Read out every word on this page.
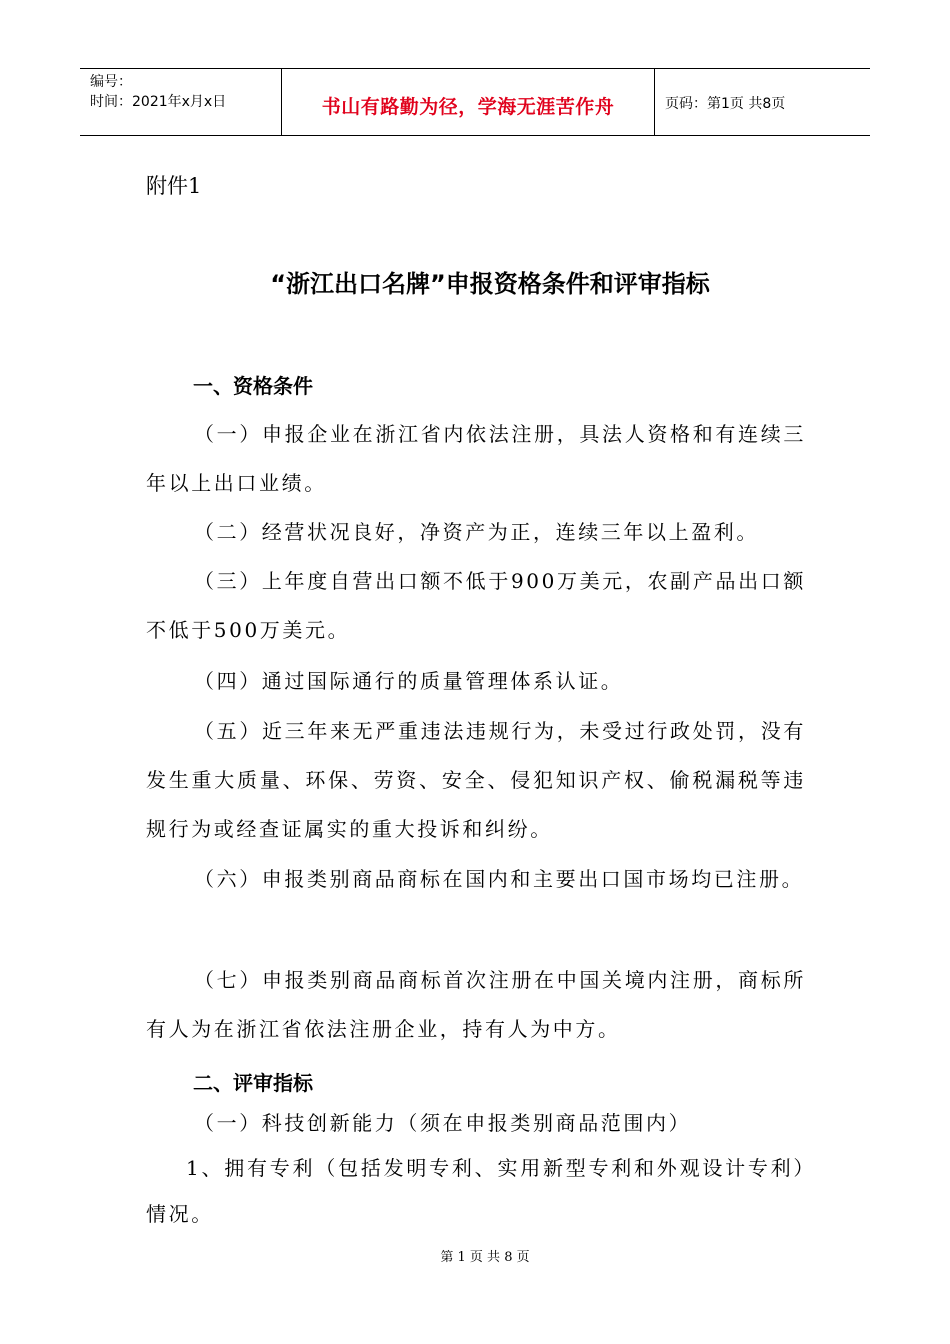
编号：
时间：2021年x月x日	书山有路勤为径，学海无涯苦作舟	页码：第1页 共8页
附件1
“浙江出口名牌”申报资格条件和评审指标
一、资格条件
（一）申报企业在浙江省内依法注册，具法人资格和有连续三年以上出口业绩。
（二）经营状况良好，净资产为正，连续三年以上盈利。
（三）上年度自营出口额不低于900万美元，农副产品出口额不低于500万美元。
（四）通过国际通行的质量管理体系认证。
（五）近三年来无严重违法违规行为，未受过行政处罚，没有发生重大质量、环保、劳资、安全、侵犯知识产权、偷税漏税等违规行为或经查证属实的重大投诉和纠纷。
（六）申报类别商品商标在国内和主要出口国市场均已注册。
（七）申报类别商品商标首次注册在中国关境内注册，商标所有人为在浙江省依法注册企业，持有人为中方。
二、评审指标
（一）科技创新能力（须在申报类别商品范围内）
1、拥有专利（包括发明专利、实用新型专利和外观设计专利）情况。
第 1 页 共 8 页
